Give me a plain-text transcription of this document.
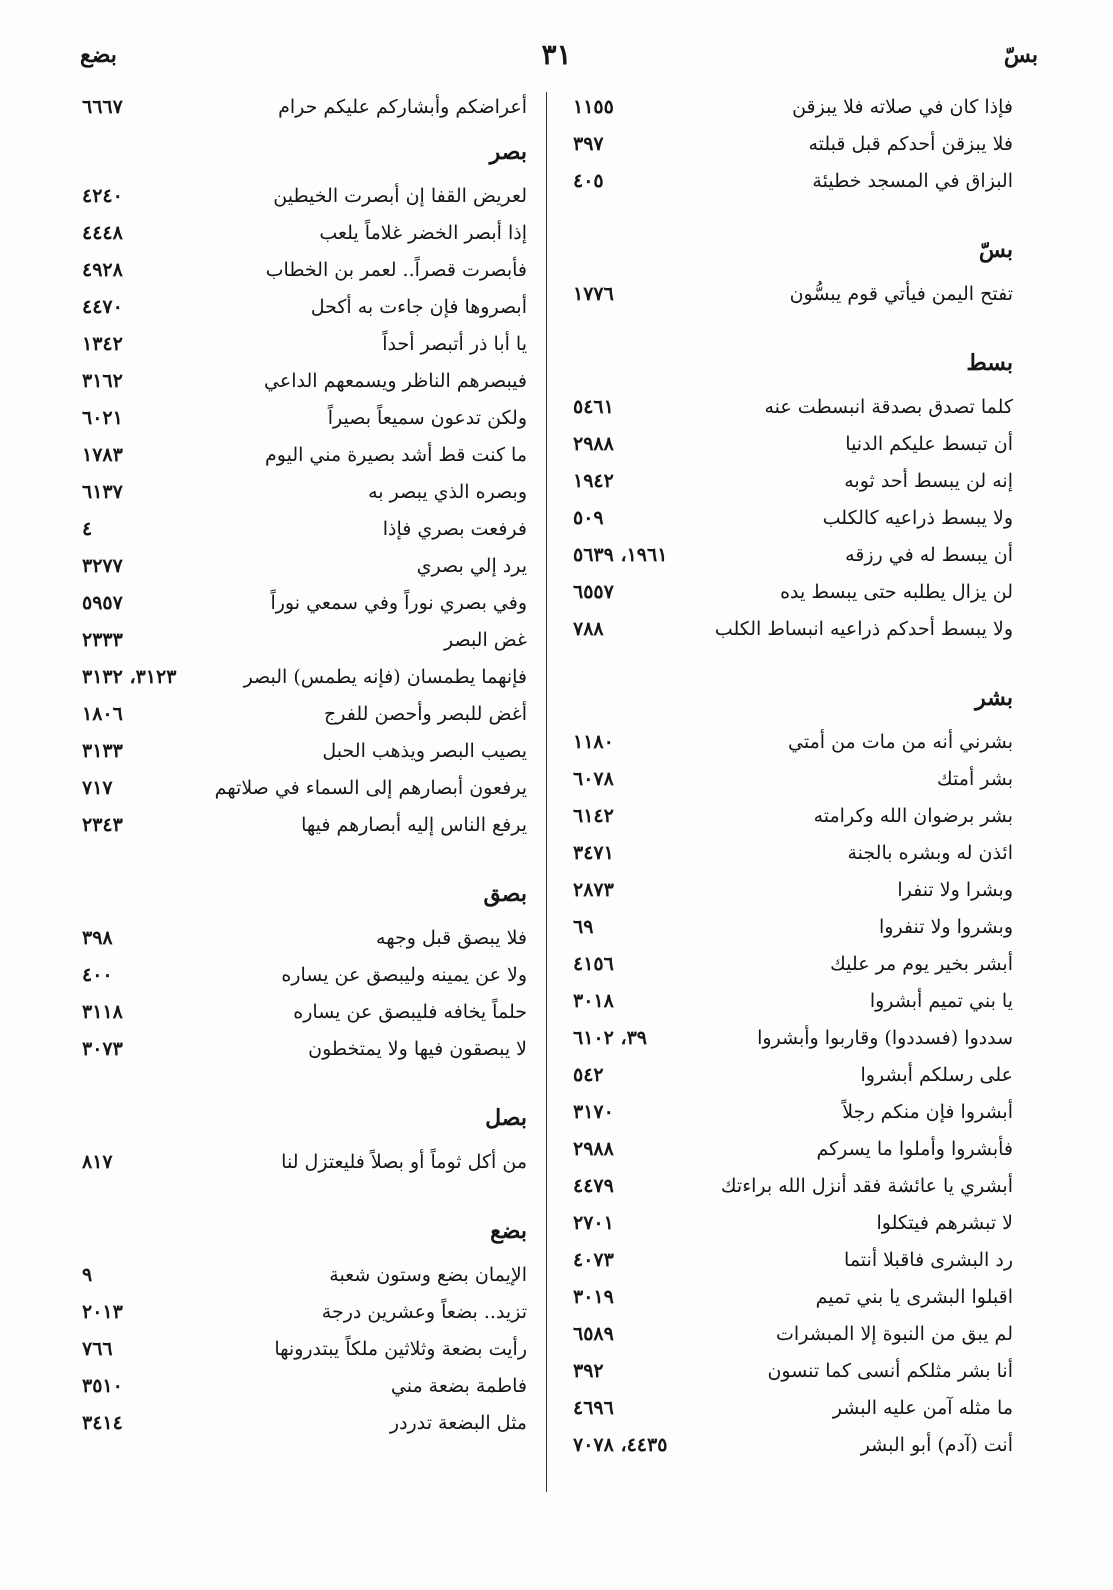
بسّ
٣١
بضع
فإذا كان في صلاته فلا يبزقن
١١٥٥
فلا يبزقن أحدكم قبل قبلته
٣٩٧
البزاق في المسجد خطيئة
٤٠٥
بسّ
تفتح اليمن فيأتي قوم يبسُّون
١٧٧٦
بسط
كلما تصدق بصدقة انبسطت عنه
٥٤٦١
أن تبسط عليكم الدنيا
٢٩٨٨
إنه لن يبسط أحد ثوبه
١٩٤٢
ولا يبسط ذراعيه كالكلب
٥٠٩
أن يبسط له في رزقه
١٩٦١، ٥٦٣٩
لن يزال يطلبه حتى يبسط يده
٦٥٥٧
ولا يبسط أحدكم ذراعيه انبساط الكلب
٧٨٨
بشر
بشرني أنه من مات من أمتي
١١٨٠
بشر أمتك
٦٠٧٨
بشر برضوان الله وكرامته
٦١٤٢
ائذن له وبشره بالجنة
٣٤٧١
وبشرا ولا تنفرا
٢٨٧٣
وبشروا ولا تنفروا
٦٩
أبشر بخير يوم مر عليك
٤١٥٦
يا بني تميم أبشروا
٣٠١٨
سددوا (فسددوا) وقاربوا وأبشروا
٣٩، ٦١٠٢
على رسلكم أبشروا
٥٤٢
أبشروا فإن منكم رجلاً
٣١٧٠
فأبشروا وأملوا ما يسركم
٢٩٨٨
أبشري يا عائشة فقد أنزل الله براءتك
٤٤٧٩
لا تبشرهم فيتكلوا
٢٧٠١
رد البشرى فاقبلا أنتما
٤٠٧٣
اقبلوا البشرى يا بني تميم
٣٠١٩
لم يبق من النبوة إلا المبشرات
٦٥٨٩
أنا بشر مثلكم أنسى كما تنسون
٣٩٢
ما مثله آمن عليه البشر
٤٦٩٦
أنت (آدم) أبو البشر
٤٤٣٥، ٧٠٧٨
أعراضكم وأبشاركم عليكم حرام
٦٦٦٧
بصر
لعريض القفا إن أبصرت الخيطين
٤٢٤٠
إذا أبصر الخضر غلاماً يلعب
٤٤٤٨
فأبصرت قصراً.. لعمر بن الخطاب
٤٩٢٨
أبصروها فإن جاءت به أكحل
٤٤٧٠
يا أبا ذر أتبصر أحداً
١٣٤٢
فيبصرهم الناظر ويسمعهم الداعي
٣١٦٢
ولكن تدعون سميعاً بصيراً
٦٠٢١
ما كنت قط أشد بصيرة مني اليوم
١٧٨٣
وبصره الذي يبصر به
٦١٣٧
فرفعت بصري فإذا
٤
يرد إلي بصري
٣٢٧٧
وفي بصري نوراً وفي سمعي نوراً
٥٩٥٧
غض البصر
٢٣٣٣
فإنهما يطمسان (فإنه يطمس) البصر
٣١٢٣، ٣١٣٢
أغض للبصر وأحصن للفرج
١٨٠٦
يصيب البصر ويذهب الحبل
٣١٣٣
يرفعون أبصارهم إلى السماء في صلاتهم
٧١٧
يرفع الناس إليه أبصارهم فيها
٢٣٤٣
بصق
فلا يبصق قبل وجهه
٣٩٨
ولا عن يمينه وليبصق عن يساره
٤٠٠
حلماً يخافه فليبصق عن يساره
٣١١٨
لا يبصقون فيها ولا يمتخطون
٣٠٧٣
بصل
من أكل ثوماً أو بصلاً فليعتزل لنا
٨١٧
بضع
الإيمان بضع وستون شعبة
٩
تزيد.. بضعاً وعشرين درجة
٢٠١٣
رأيت بضعة وثلاثين ملكاً يبتدرونها
٧٦٦
فاطمة بضعة مني
٣٥١٠
مثل البضعة تدردر
٣٤١٤
